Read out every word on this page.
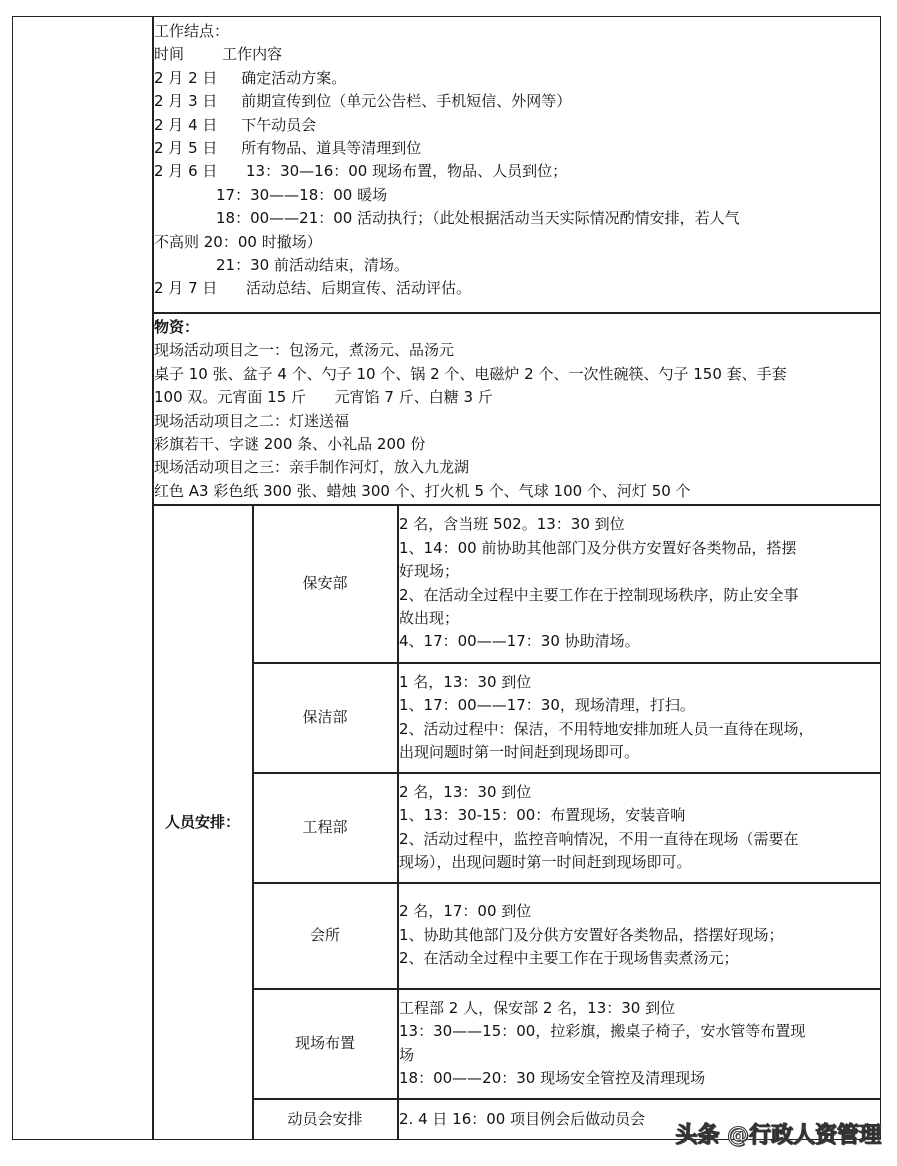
工作结点：
时间        工作内容
2 月 2 日     确定活动方案。
2 月 3 日     前期宣传到位（单元公告栏、手机短信、外网等）
2 月 4 日     下午动员会
2 月 5 日     所有物品、道具等清理到位
2 月 6 日      13：30—16：00 现场布置，物品、人员到位；
17：30——18：00 暖场
18：00——21：00 活动执行；（此处根据活动当天实际情况酌情安排，若人气
不高则 20：00 时撤场）
21：30 前活动结束，清场。
2 月 7 日      活动总结、后期宣传、活动评估。
物资：
现场活动项目之一：包汤元，煮汤元、品汤元
桌子 10 张、盆子 4 个、勺子 10 个、锅 2 个、电磁炉 2 个、一次性碗筷、勺子 150 套、手套
100 双。元宵面 15 斤      元宵馅 7 斤、白糖 3 斤
现场活动项目之二：灯迷送福
彩旗若干、字谜 200 条、小礼品 200 份
现场活动项目之三：亲手制作河灯，放入九龙湖
红色 A3 彩色纸 300 张、蜡烛 300 个、打火机 5 个、气球 100 个、河灯 50 个
人员安排：
保安部
2 名，含当班 502。13：30 到位
1、14：00 前协助其他部门及分供方安置好各类物品，搭摆
好现场；
2、在活动全过程中主要工作在于控制现场秩序，防止安全事
故出现；
4、17：00——17：30 协助清场。
保洁部
1 名，13：30 到位
1、17：00——17：30，现场清理，打扫。
2、活动过程中：保洁，不用特地安排加班人员一直待在现场，
出现问题时第一时间赶到现场即可。
工程部
2 名，13：30 到位
1、13：30-15：00：布置现场，安装音响
2、活动过程中，监控音响情况，不用一直待在现场（需要在
现场），出现问题时第一时间赶到现场即可。
会所
2 名，17：00 到位
1、协助其他部门及分供方安置好各类物品，搭摆好现场；
2、在活动全过程中主要工作在于现场售卖煮汤元；
现场布置
工程部 2 人，保安部 2 名，13：30 到位
13：30——15：00，拉彩旗，搬桌子椅子，安水管等布置现
场
18：00——20：30 现场安全管控及清理现场
动员会安排 2. 4 日 16：00 项目例会后做动员会
头条 @行政人资管理
